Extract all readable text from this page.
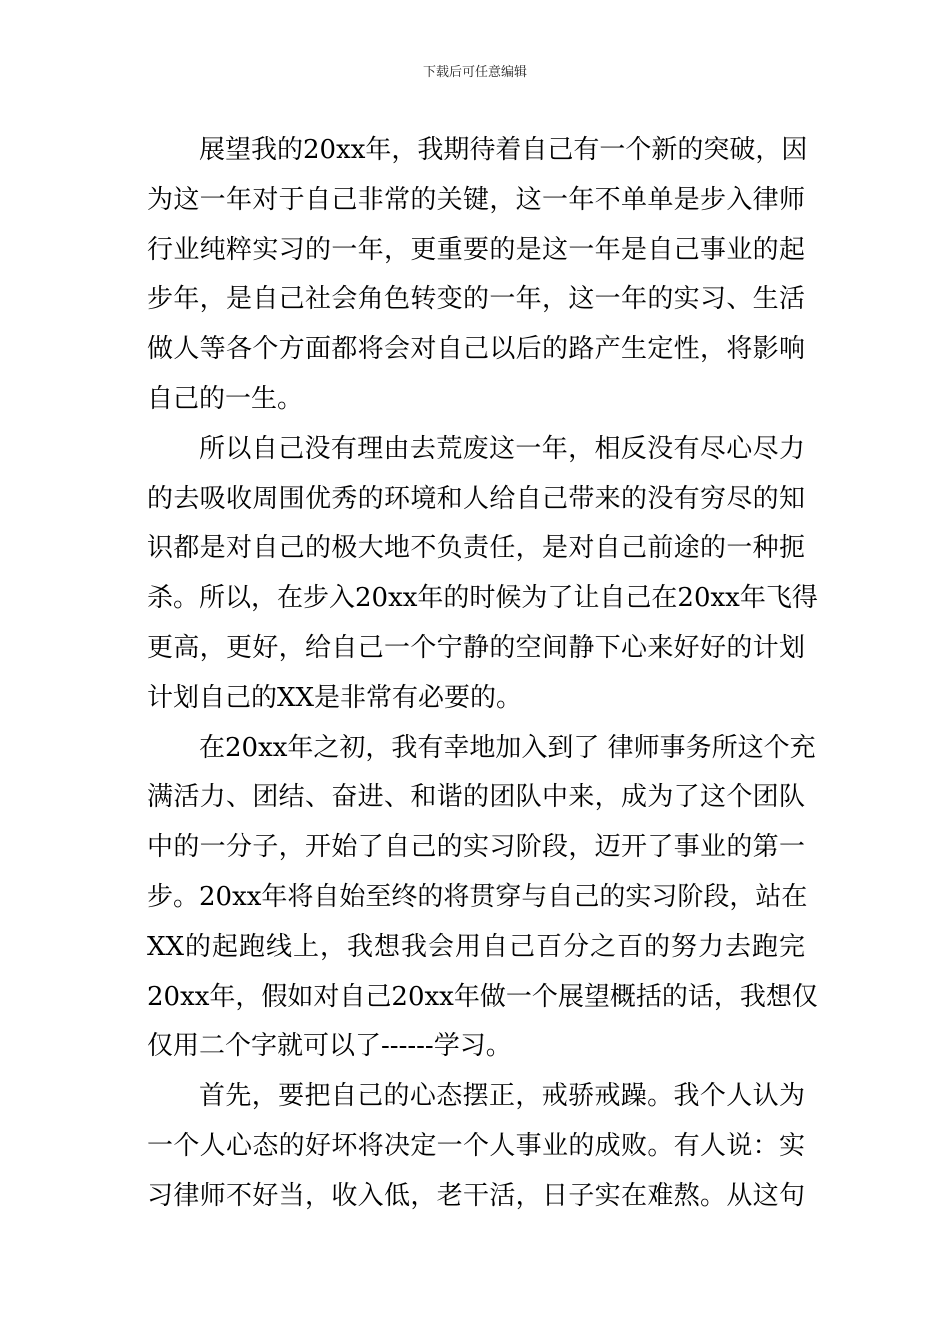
下载后可任意编辑
展望我的20xx年，我期待着自己有一个新的突破，因
为这一年对于自己非常的关键，这一年不单单是步入律师
行业纯粹实习的一年，更重要的是这一年是自己事业的起
步年，是自己社会角色转变的一年，这一年的实习、生活
做人等各个方面都将会对自己以后的路产生定性，将影响
自己的一生。
所以自己没有理由去荒废这一年，相反没有尽心尽力
的去吸收周围优秀的环境和人给自己带来的没有穷尽的知
识都是对自己的极大地不负责任，是对自己前途的一种扼
杀。所以，在步入20xx年的时候为了让自己在20xx年飞得
更高，更好，给自己一个宁静的空间静下心来好好的计划
计划自己的XX是非常有必要的。
在20xx年之初，我有幸地加入到了 律师事务所这个充
满活力、团结、奋进、和谐的团队中来，成为了这个团队
中的一分子，开始了自己的实习阶段，迈开了事业的第一
步。20xx年将自始至终的将贯穿与自己的实习阶段，站在
XX的起跑线上，我想我会用自己百分之百的努力去跑完
20xx年，假如对自己20xx年做一个展望概括的话，我想仅
仅用二个字就可以了------学习。
首先，要把自己的心态摆正，戒骄戒躁。我个人认为
一个人心态的好坏将决定一个人事业的成败。有人说：实
习律师不好当，收入低，老干活，日子实在难熬。从这句
